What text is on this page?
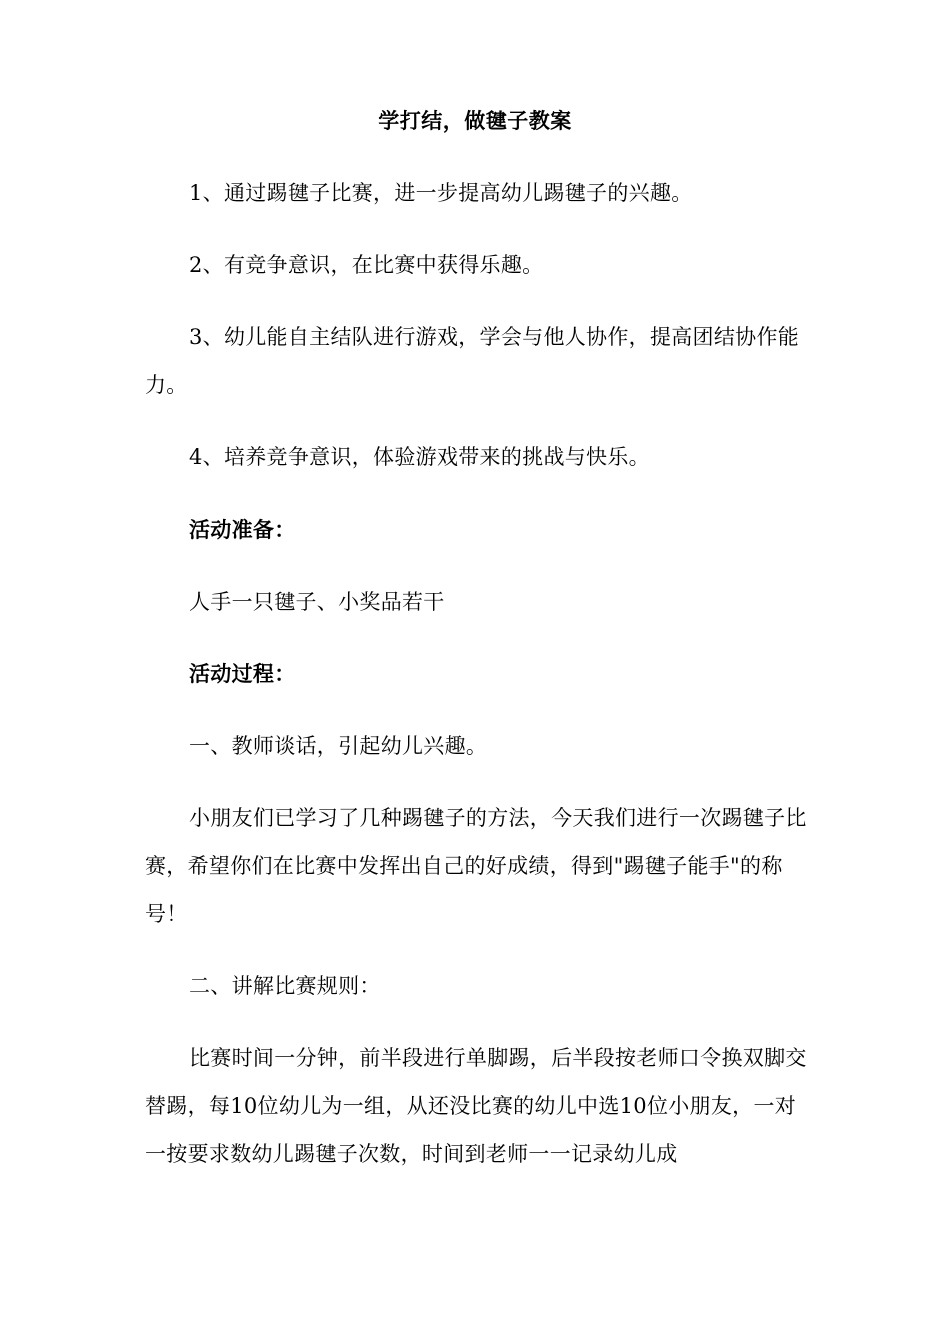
学打结，做毽子教案

1、通过踢毽子比赛，进一步提高幼儿踢毽子的兴趣。

2、有竞争意识，在比赛中获得乐趣。

3、幼儿能自主结队进行游戏，学会与他人协作，提高团结协作能力。

4、培养竞争意识，体验游戏带来的挑战与快乐。

活动准备：

人手一只毽子、小奖品若干

活动过程：

一、教师谈话，引起幼儿兴趣。

小朋友们已学习了几种踢毽子的方法，今天我们进行一次踢毽子比赛，希望你们在比赛中发挥出自己的好成绩，得到"踢毽子能手"的称号！

二、讲解比赛规则：

比赛时间一分钟，前半段进行单脚踢，后半段按老师口令换双脚交替踢，每10位幼儿为一组，从还没比赛的幼儿中选10位小朋友，一对一按要求数幼儿踢毽子次数，时间到老师一一记录幼儿成
